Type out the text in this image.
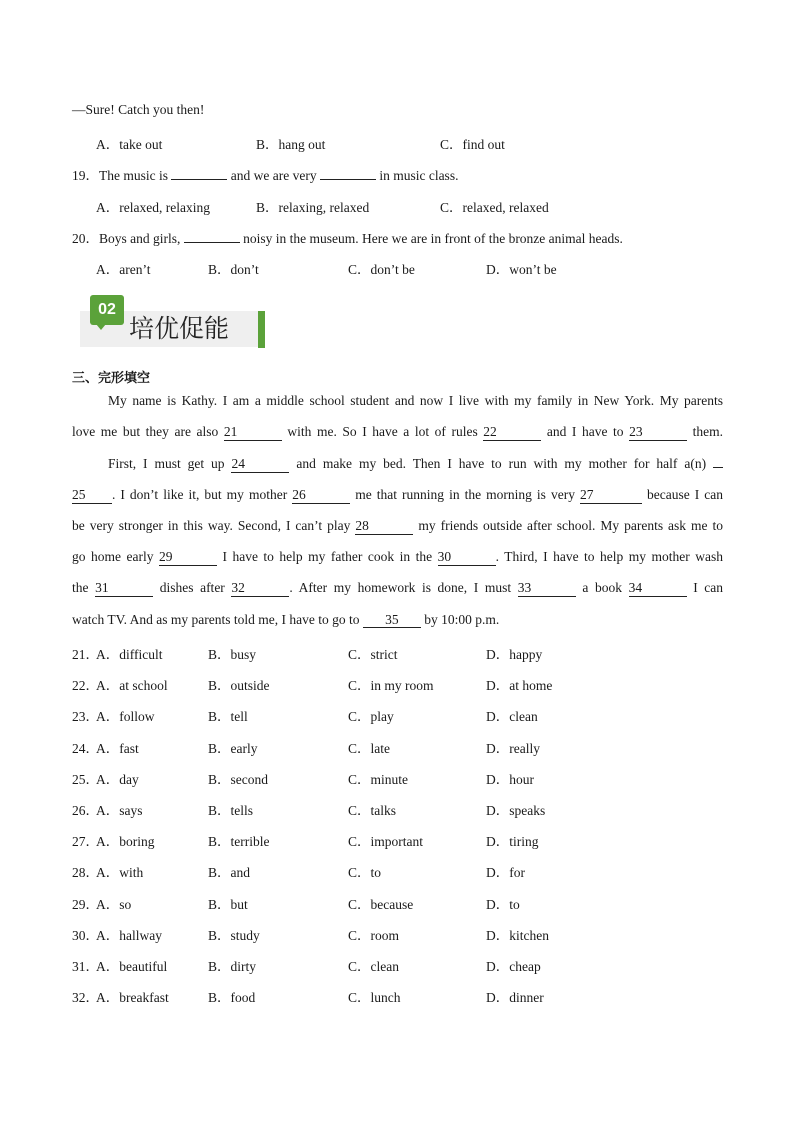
—Sure! Catch you then!
A．take out	B．hang out	C．find out
19．The music is	and we are very	in music class.
A．relaxed, relaxing	B．relaxing, relaxed	C．relaxed, relaxed
20．Boys and girls,	noisy in the museum. Here we are in front of the bronze animal heads.
A．aren’t	B．don’t	C．don’t be	D．won’t be
02
培优促能
三、完形填空
My name is Kathy. I am a middle school student and now I live with my family in New York. My parents
love me but they are also 21	with me. So I have a lot of rules 22	and I have to 23	them.
First, I must get up 24	and make my bed. Then I have to run with my mother for half a(n)
25 . I don’t like it, but my mother 26	me that running in the morning is very 27	because I can
be very stronger in this way. Second, I can’t play 28	my friends outside after school. My parents ask me to
go home early 29	I have to help my father cook in the 30	. Third, I have to help my mother wash
the 31	dishes after 32	. After my homework is done, I must 33	a book 34	I can
watch TV. And as my parents told me, I have to go to 35 by 10:00 p.m.
21．
A．difficult	B．busy	C．strict	D．happy
22．
A．at school	B．outside	C．in my room	D．at home
23．
A．follow	B．tell	C．play	D．clean
24．
A．fast	B．early	C．late	D．really
25．
A．day	B．second	C．minute	D．hour
26．
A．says	B．tells	C．talks	D．speaks
27．
A．boring	B．terrible	C．important	D．tiring
28．
A．with	B．and	C．to	D．for
29．
A．so	B．but	C．because	D．to
30．
A．hallway	B．study	C．room	D．kitchen
31．
A．beautiful	B．dirty	C．clean	D．cheap
32．
A．breakfast	B．food	C．lunch	D．dinner
